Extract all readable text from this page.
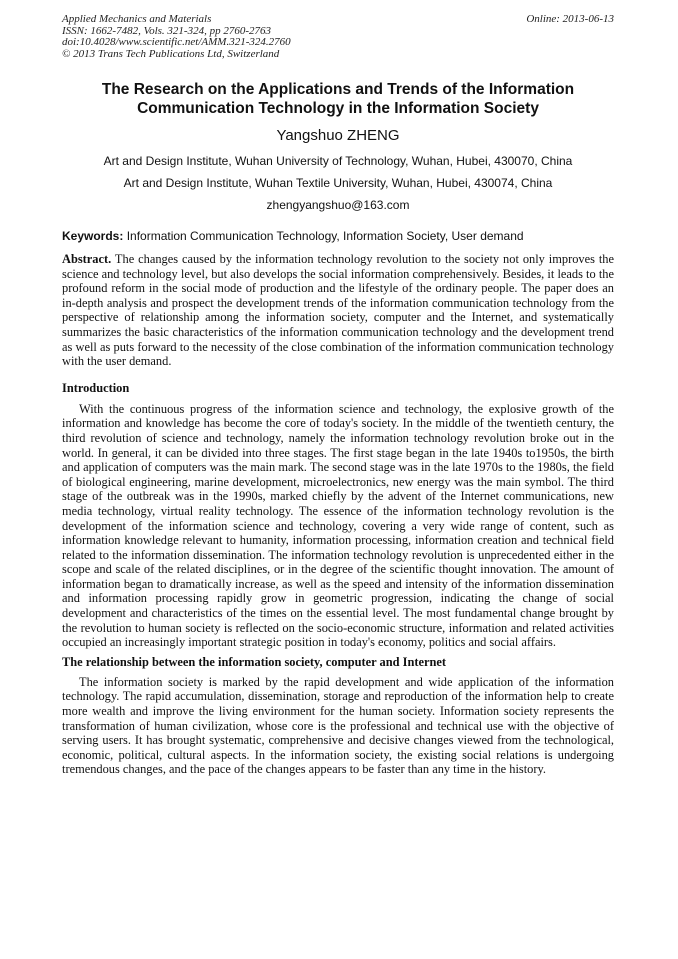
Applied Mechanics and Materials
ISSN: 1662-7482, Vols. 321-324, pp 2760-2763
doi:10.4028/www.scientific.net/AMM.321-324.2760
© 2013 Trans Tech Publications Ltd, Switzerland
Online: 2013-06-13
The Research on the Applications and Trends of the Information Communication Technology in the Information Society
Yangshuo ZHENG
Art and Design Institute, Wuhan University of Technology, Wuhan, Hubei, 430070, China
Art and Design Institute, Wuhan Textile University, Wuhan, Hubei, 430074, China
zhengyangshuo@163.com
Keywords: Information Communication Technology, Information Society, User demand
Abstract. The changes caused by the information technology revolution to the society not only improves the science and technology level, but also develops the social information comprehensively. Besides, it leads to the profound reform in the social mode of production and the lifestyle of the ordinary people. The paper does an in-depth analysis and prospect the development trends of the information communication technology from the perspective of relationship among the information society, computer and the Internet, and systematically summarizes the basic characteristics of the information communication technology and the development trend as well as puts forward to the necessity of the close combination of the information communication technology with the user demand.
Introduction
With the continuous progress of the information science and technology, the explosive growth of the information and knowledge has become the core of today's society. In the middle of the twentieth century, the third revolution of science and technology, namely the information technology revolution broke out in the world. In general, it can be divided into three stages. The first stage began in the late 1940s to1950s, the birth and application of computers was the main mark. The second stage was in the late 1970s to the 1980s, the field of biological engineering, marine development, microelectronics, new energy was the main symbol. The third stage of the outbreak was in the 1990s, marked chiefly by the advent of the Internet communications, new media technology, virtual reality technology. The essence of the information technology revolution is the development of the information science and technology, covering a very wide range of content, such as information knowledge relevant to humanity, information processing, information creation and technical field related to the information dissemination. The information technology revolution is unprecedented either in the scope and scale of the related disciplines, or in the degree of the scientific thought innovation. The amount of information began to dramatically increase, as well as the speed and intensity of the information dissemination and information processing rapidly grow in geometric progression, indicating the change of social development and characteristics of the times on the essential level. The most fundamental change brought by the revolution to human society is reflected on the socio-economic structure, information and related activities occupied an increasingly important strategic position in today's economy, politics and social affairs.
The relationship between the information society, computer and Internet
The information society is marked by the rapid development and wide application of the information technology. The rapid accumulation, dissemination, storage and reproduction of the information help to create more wealth and improve the living environment for the human society. Information society represents the transformation of human civilization, whose core is the professional and technical use with the objective of serving users. It has brought systematic, comprehensive and decisive changes viewed from the technological, economic, political, cultural aspects. In the information society, the existing social relations is undergoing tremendous changes, and the pace of the changes appears to be faster than any time in the history.
